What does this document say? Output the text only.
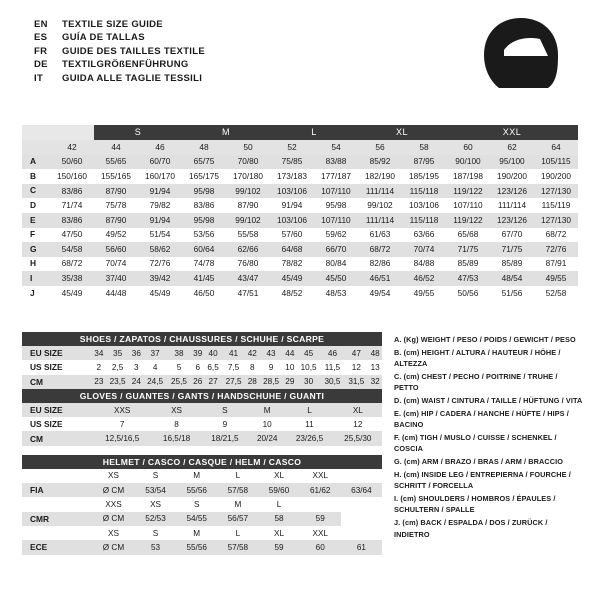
EN	TEXTILE SIZE GUIDE
ES	GUÍA DE TALLAS
FR	GUIDE DES TAILLES TEXTILE
DE	TEXTILGRÖßENFÜHRUNG
IT	GUIDA ALLE TAGLIE TESSILI
		S		M		L		XL		XXL		
	42	44	46	48	50	52	54	56	58	60	62	64
A	50/60	55/65	60/70	65/75	70/80	75/85	83/88	85/92	87/95	90/100	95/100	105/115
B	150/160	155/165	160/170	165/175	170/180	173/183	177/187	182/190	185/195	187/198	190/200	190/200
C	83/86	87/90	91/94	95/98	99/102	103/106	107/110	111/114	115/118	119/122	123/126	127/130
D	71/74	75/78	79/82	83/86	87/90	91/94	95/98	99/102	103/106	107/110	111/114	115/119
E	83/86	87/90	91/94	95/98	99/102	103/106	107/110	111/114	115/118	119/122	123/126	127/130
F	47/50	49/52	51/54	53/56	55/58	57/60	59/62	61/63	63/66	65/68	67/70	68/72
G	54/58	56/60	58/62	60/64	62/66	64/68	66/70	68/72	70/74	71/75	71/75	72/76
H	68/72	70/74	72/76	74/78	76/80	78/82	80/84	82/86	84/88	85/89	85/89	87/91
I	35/38	37/40	39/42	41/45	43/47	45/49	45/50	46/51	46/52	47/53	48/54	49/55
J	45/49	44/48	45/49	46/50	47/51	48/52	48/53	49/54	49/55	50/56	51/56	52/58
SHOES / ZAPATOS / CHAUSSURES / SCHUHE / SCARPE
EU SIZE	34	35	36	37	38	39	40	41	42	43	44	45	46	47	48
US SIZE	2	2,5	3	4	5	6	6,5	7,5	8	9	10	10,5	11,5	12	13
CM	23	23,5	24	24,5	25,5	26	27	27,5	28	28,5	29	30	30,5	31,5	32
GLOVES / GUANTES / GANTS / HANDSCHUHE / GUANTI
EU SIZE	XXS	XS	S	M	L	XL
US SIZE	7	8	9	10	11	12
CM	12,5/16,5	16,5/18	18/21,5	20/24	23/26,5	25,5/30
HELMET / CASCO / CASQUE / HELM / CASCO
	XS	S	M	L	XL	XXL	
FIA	Ø CM	53/54	55/56	57/58	59/60	61/62	63/64
	XXS	XS	S	M	L		
CMR	Ø CM	52/53	54/55	56/57	58	59	
	XS	S	M	L	XL	XXL	
ECE	Ø CM	53	55/56	57/58	59	60	61
A. (Kg) WEIGHT / PESO / POIDS / GEWICHT / PESO
B. (cm) HEIGHT / ALTURA / HAUTEUR / HÖHE / ALTEZZA
C. (cm) CHEST / PECHO / POITRINE / TRUHE / PETTO
D. (cm) WAIST / CINTURA / TAILLE / HÜFTUNG / VITA
E. (cm) HIP / CADERA / HANCHE / HÜFTE / HIPS / BACINO
F. (cm) TIGH / MUSLO / CUISSE / SCHENKEL / COSCIA
G. (cm) ARM / BRAZO / BRAS / ARM / BRACCIO
H. (cm) INSIDE LEG / ENTREPIERNA / FOURCHE / SCHRITT / FORCELLA
I. (cm) SHOULDERS / HOMBROS / ÉPAULES / SCHULTERN / SPALLE
J. (cm) BACK / ESPALDA / DOS / ZURÜCK / INDIETRO
